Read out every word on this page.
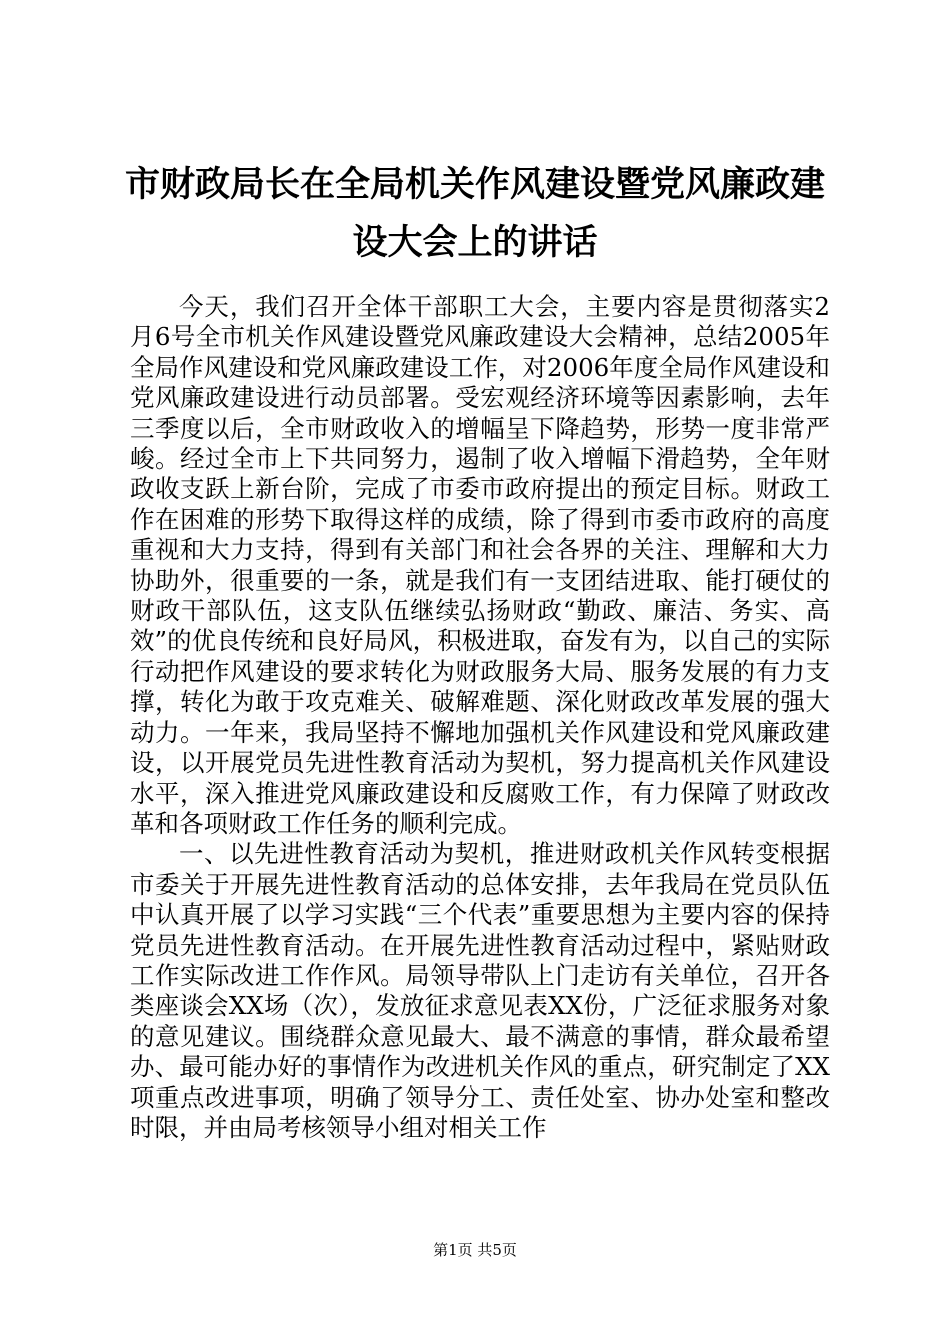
市财政局长在全局机关作风建设暨党风廉政建设大会上的讲话

今天，我们召开全体干部职工大会，主要内容是贯彻落实2月6号全市机关作风建设暨党风廉政建设大会精神，总结2005年全局作风建设和党风廉政建设工作，对2006年度全局作风建设和党风廉政建设进行动员部署。受宏观经济环境等因素影响，去年三季度以后，全市财政收入的增幅呈下降趋势，形势一度非常严峻。经过全市上下共同努力，遏制了收入增幅下滑趋势，全年财政收支跃上新台阶，完成了市委市政府提出的预定目标。财政工作在困难的形势下取得这样的成绩，除了得到市委市政府的高度重视和大力支持，得到有关部门和社会各界的关注、理解和大力协助外，很重要的一条，就是我们有一支团结进取、能打硬仗的财政干部队伍，这支队伍继续弘扬财政“勤政、廉洁、务实、高效”的优良传统和良好局风，积极进取，奋发有为，以自己的实际行动把作风建设的要求转化为财政服务大局、服务发展的有力支撑，转化为敢于攻克难关、破解难题、深化财政改革发展的强大动力。一年来，我局坚持不懈地加强机关作风建设和党风廉政建设，以开展党员先进性教育活动为契机，努力提高机关作风建设水平，深入推进党风廉政建设和反腐败工作，有力保障了财政改革和各项财政工作任务的顺利完成。

一、以先进性教育活动为契机，推进财政机关作风转变根据市委关于开展先进性教育活动的总体安排，去年我局在党员队伍中认真开展了以学习实践“三个代表”重要思想为主要内容的保持党员先进性教育活动。在开展先进性教育活动过程中，紧贴财政工作实际改进工作作风。局领导带队上门走访有关单位，召开各类座谈会XX场（次），发放征求意见表XX份，广泛征求服务对象的意见建议。围绕群众意见最大、最不满意的事情，群众最希望办、最可能办好的事情作为改进机关作风的重点，研究制定了XX项重点改进事项，明确了领导分工、责任处室、协办处室和整改时限，并由局考核领导小组对相关工作

第1页 共5页
